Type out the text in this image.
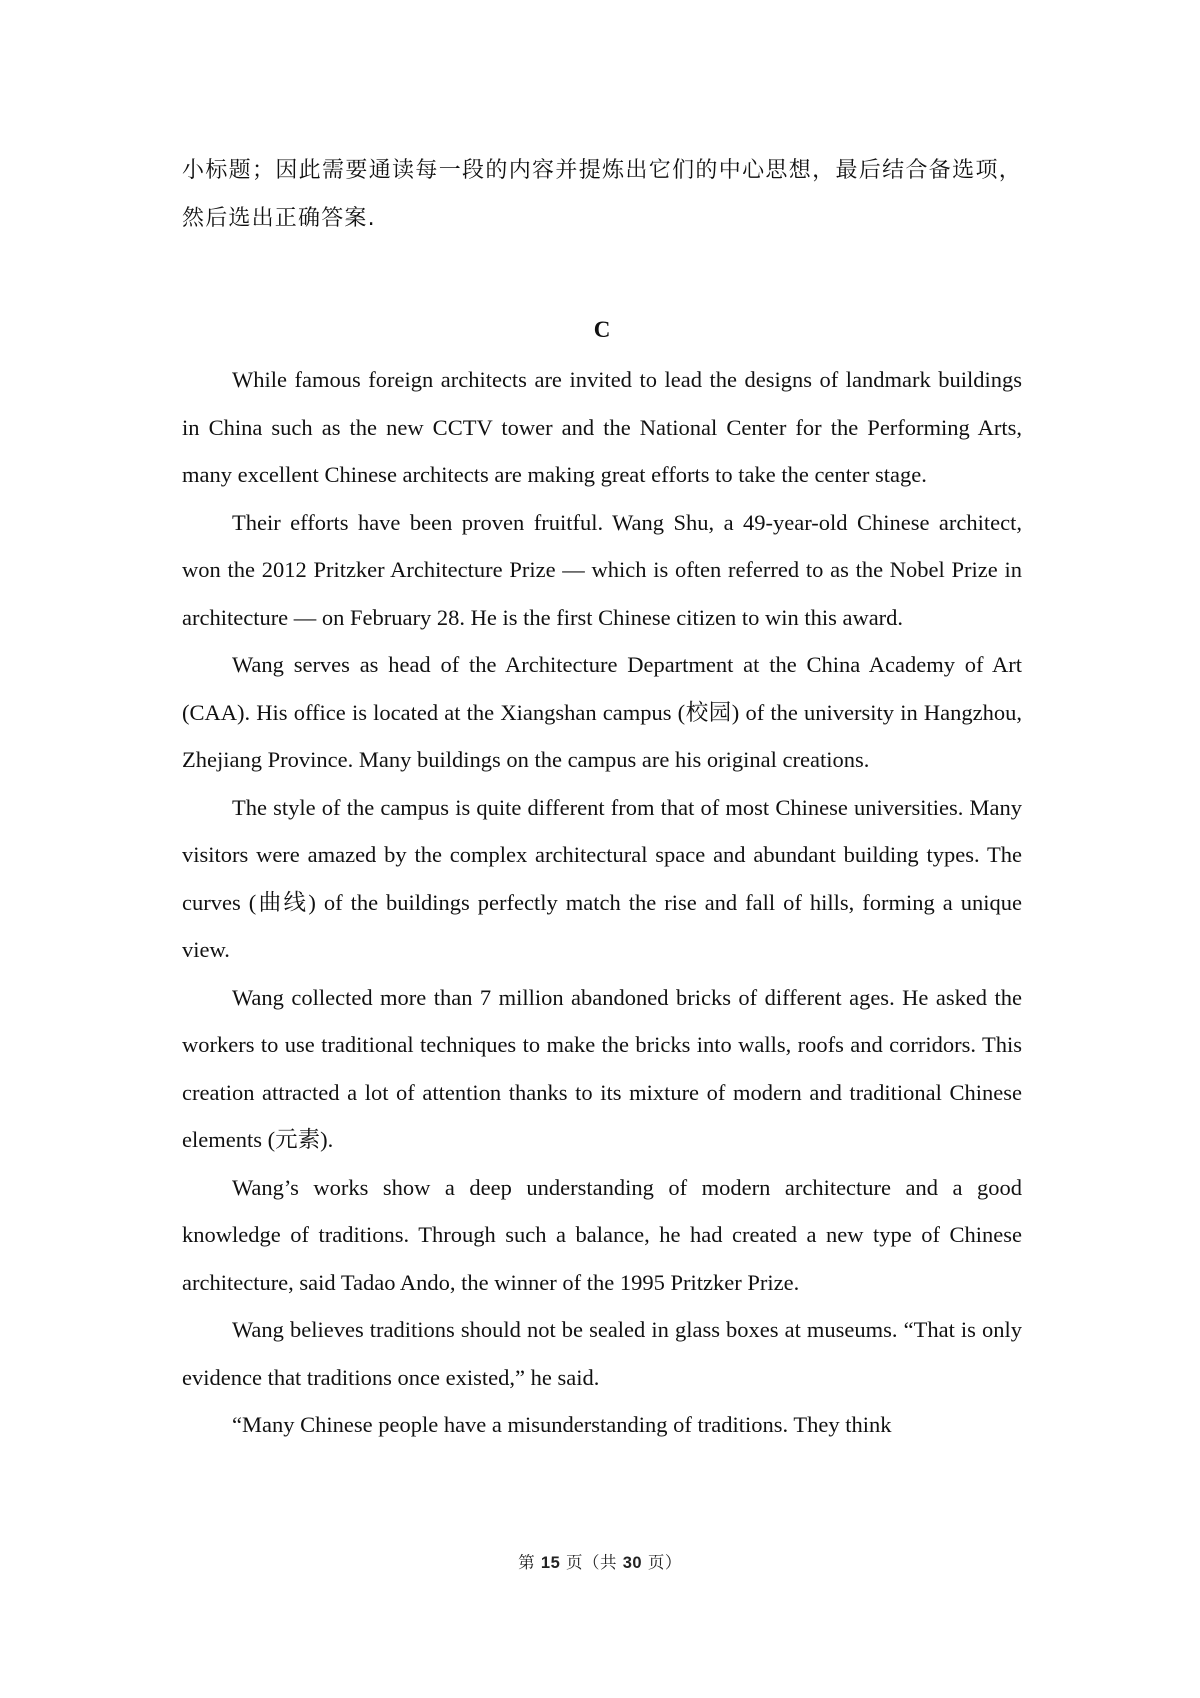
小标题；因此需要通读每一段的内容并提炼出它们的中心思想，最后结合备选项，然后选出正确答案.

C

While famous foreign architects are invited to lead the designs of landmark buildings in China such as the new CCTV tower and the National Center for the Performing Arts, many excellent Chinese architects are making great efforts to take the center stage.

Their efforts have been proven fruitful. Wang Shu, a 49-year-old Chinese architect, won the 2012 Pritzker Architecture Prize — which is often referred to as the Nobel Prize in architecture — on February 28. He is the first Chinese citizen to win this award.

Wang serves as head of the Architecture Department at the China Academy of Art (CAA). His office is located at the Xiangshan campus (校园) of the university in Hangzhou, Zhejiang Province. Many buildings on the campus are his original creations.

The style of the campus is quite different from that of most Chinese universities. Many visitors were amazed by the complex architectural space and abundant building types. The curves (曲线) of the buildings perfectly match the rise and fall of hills, forming a unique view.

Wang collected more than 7 million abandoned bricks of different ages. He asked the workers to use traditional techniques to make the bricks into walls, roofs and corridors. This creation attracted a lot of attention thanks to its mixture of modern and traditional Chinese elements (元素).

Wang’s works show a deep understanding of modern architecture and a good knowledge of traditions. Through such a balance, he had created a new type of Chinese architecture, said Tadao Ando, the winner of the 1995 Pritzker Prize.

Wang believes traditions should not be sealed in glass boxes at museums. “That is only evidence that traditions once existed,” he said.

“Many Chinese people have a misunderstanding of traditions. They think

第 15 页（共 30 页）
